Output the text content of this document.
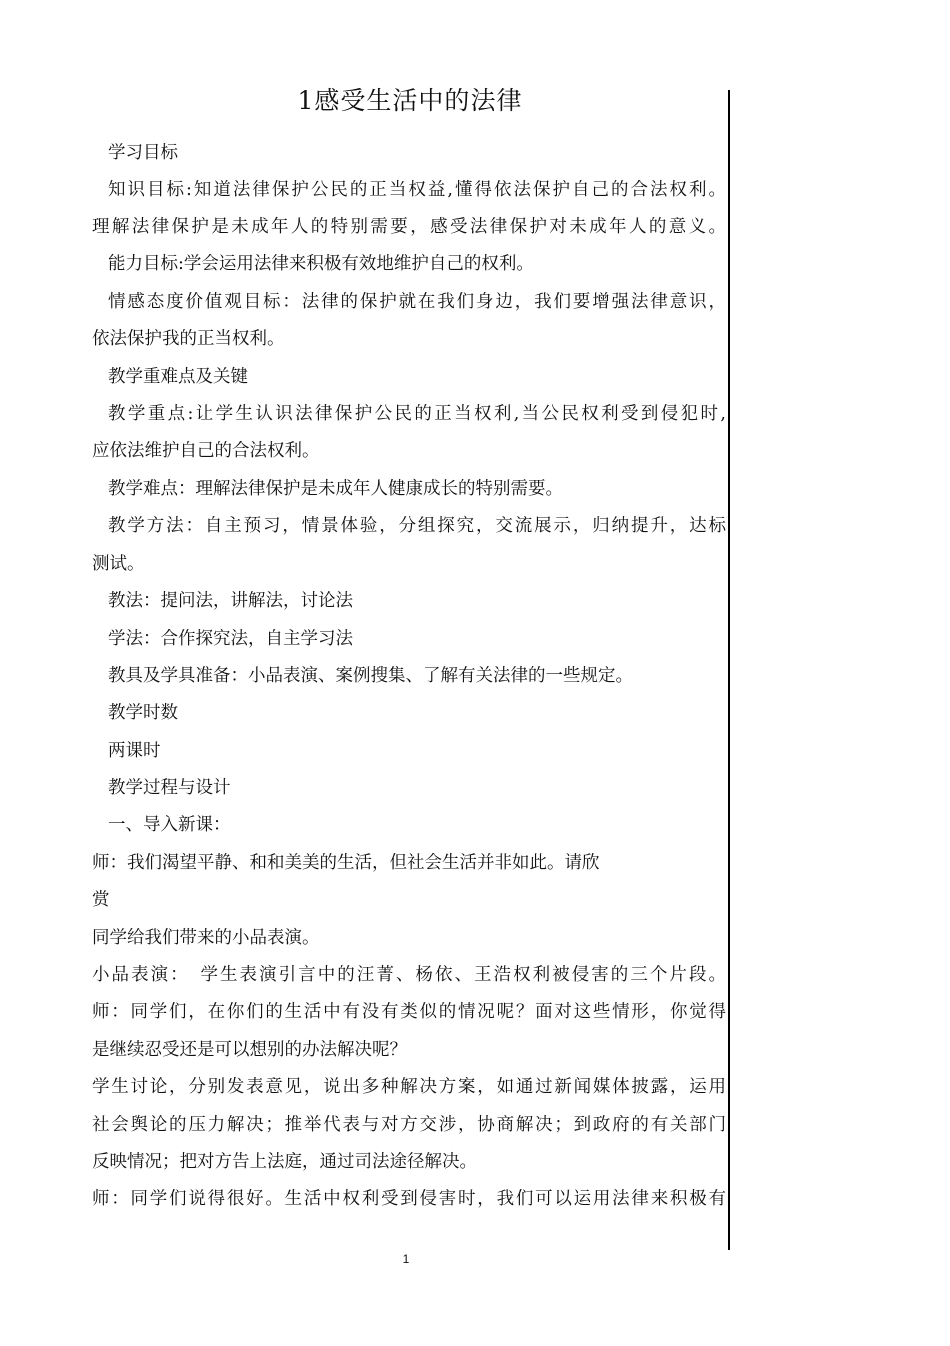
1感受生活中的法律
学习目标
知识目标:知道法律保护公民的正当权益,懂得依法保护自己的合法权利。
理解法律保护是未成年人的特别需要，感受法律保护对未成年人的意义。
能力目标:学会运用法律来积极有效地维护自己的权利。
情感态度价值观目标：法律的保护就在我们身边，我们要增强法律意识，
依法保护我的正当权利。
教学重难点及关键
教学重点:让学生认识法律保护公民的正当权利,当公民权利受到侵犯时,
应依法维护自己的合法权利。
教学难点：理解法律保护是未成年人健康成长的特别需要。
教学方法：自主预习，情景体验，分组探究，交流展示，归纳提升，达标
测试。
教法：提问法，讲解法，讨论法
学法：合作探究法，自主学习法
教具及学具准备：小品表演、案例搜集、了解有关法律的一些规定。
教学时数
两课时
教学过程与设计
一、导入新课：
师：我们渴望平静、和和美美的生活，但社会生活并非如此。请欣
赏
同学给我们带来的小品表演。
小品表演：　学生表演引言中的汪菁、杨依、王浩权利被侵害的三个片段。
师：同学们，在你们的生活中有没有类似的情况呢？面对这些情形，你觉得
是继续忍受还是可以想别的办法解决呢？
学生讨论，分别发表意见，说出多种解决方案，如通过新闻媒体披露，运用
社会舆论的压力解决；推举代表与对方交涉，协商解决；到政府的有关部门
反映情况；把对方告上法庭，通过司法途径解决。
师：同学们说得很好。生活中权利受到侵害时，我们可以运用法律来积极有
1
